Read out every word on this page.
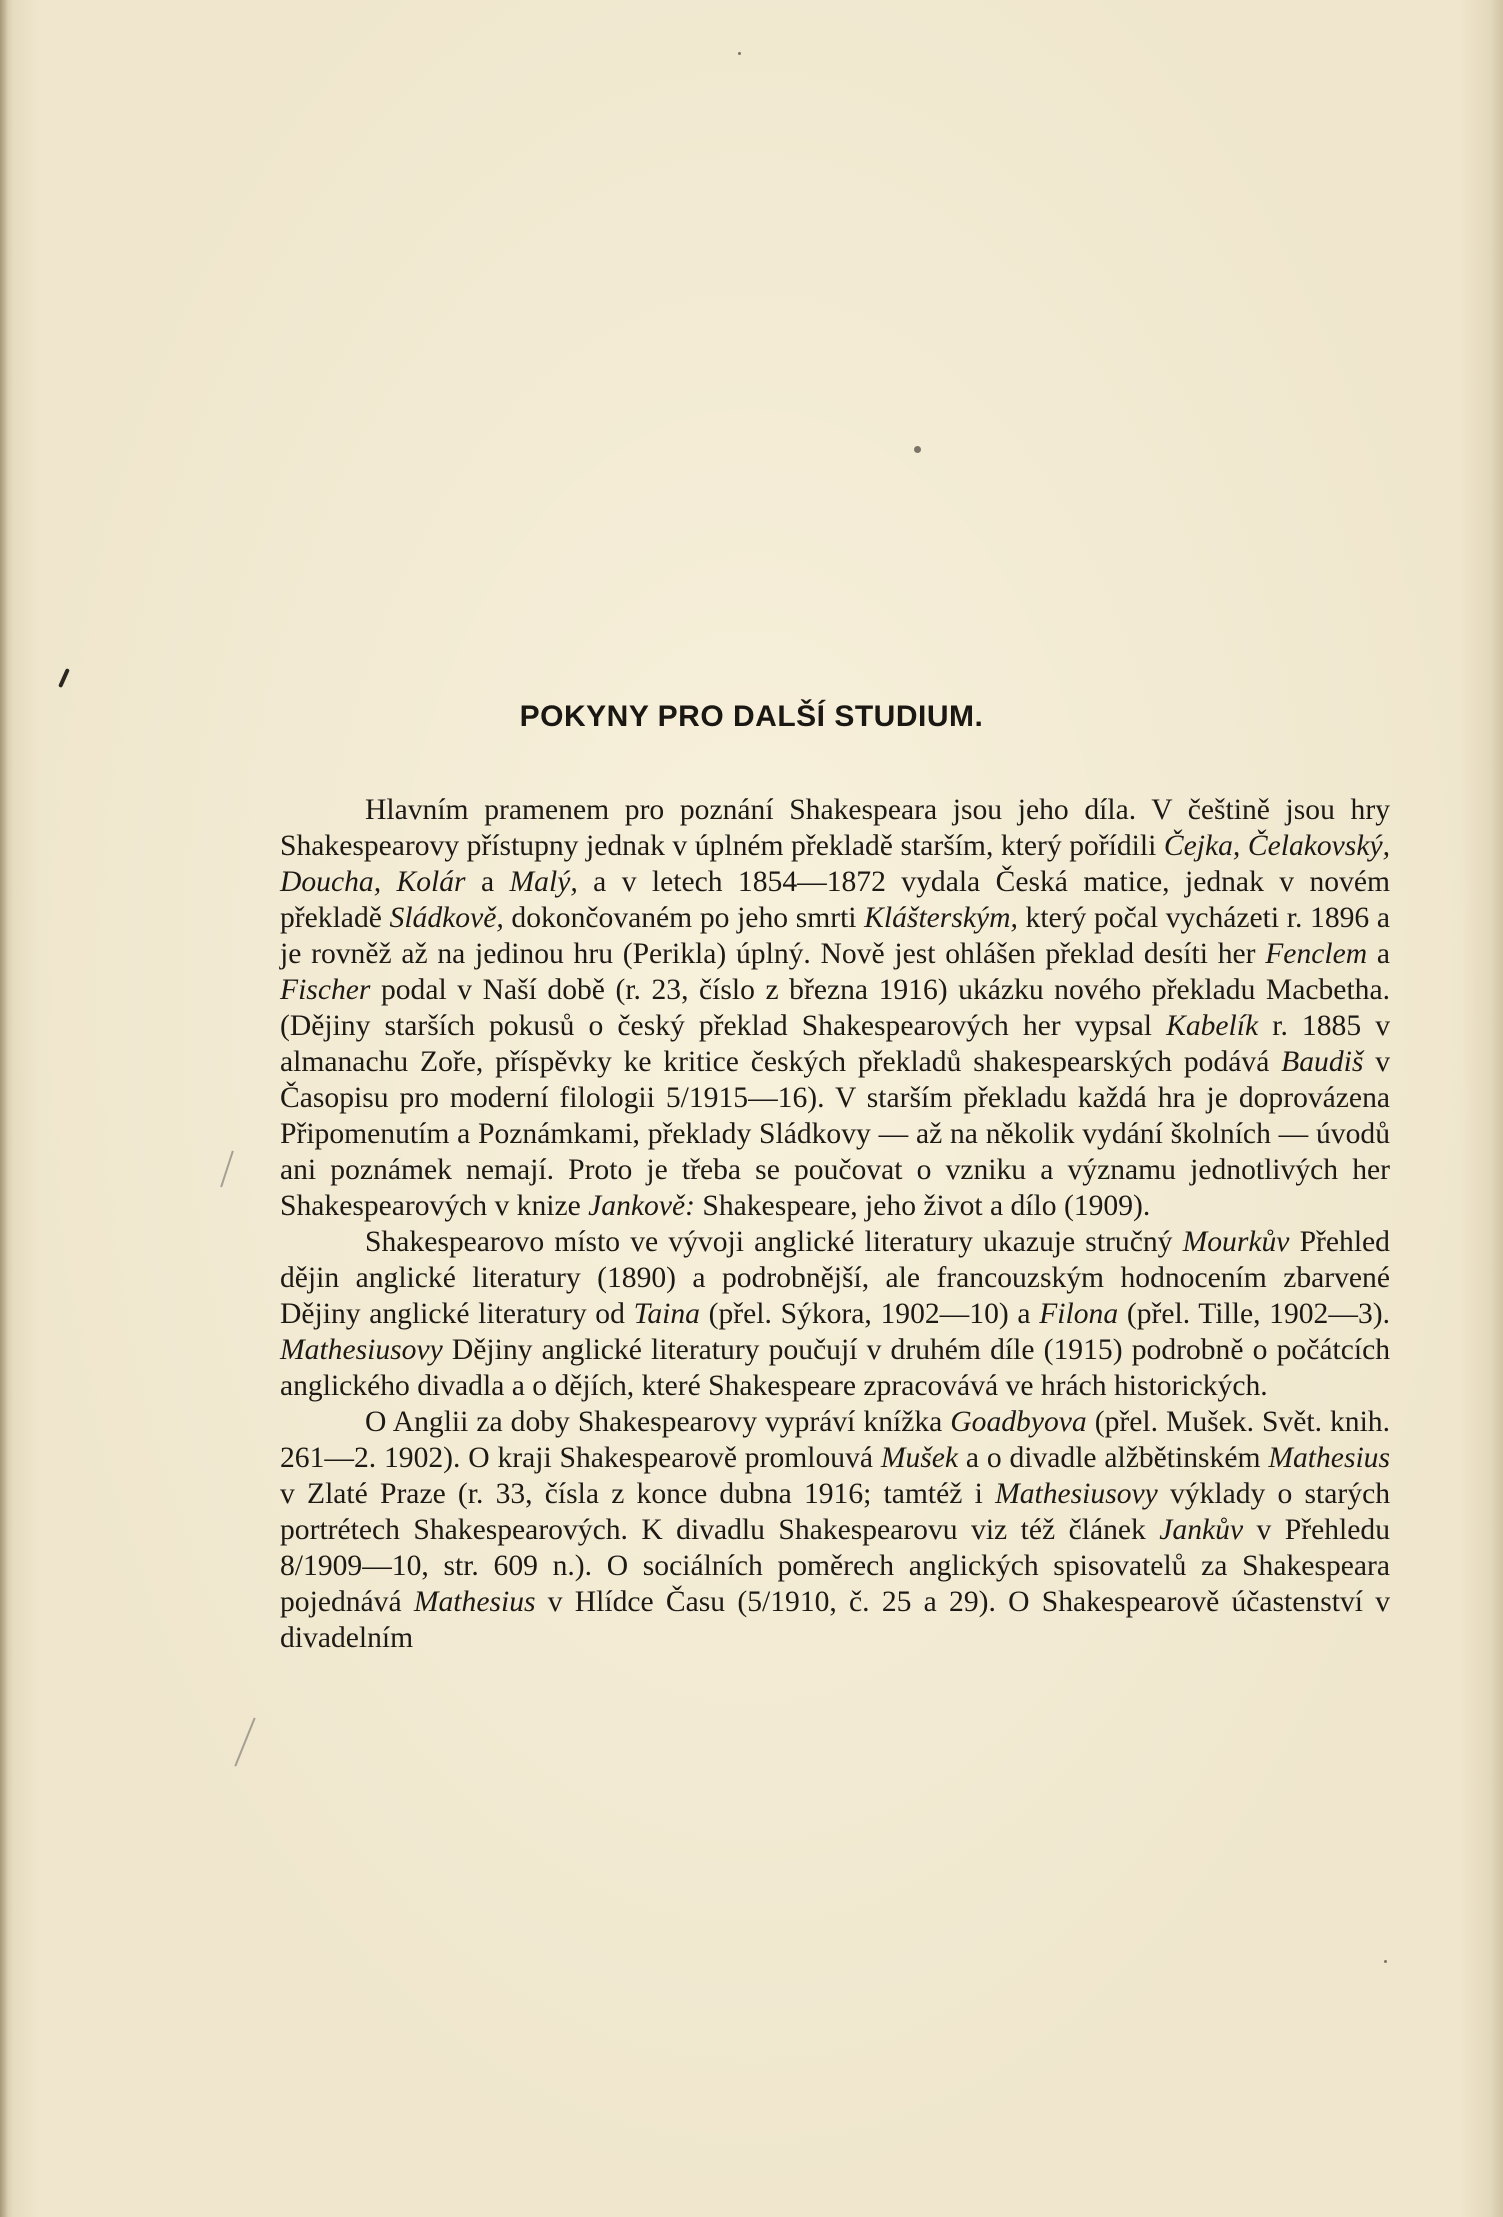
POKYNY PRO DALŠÍ STUDIUM.

Hlavním pramenem pro poznání Shakespeara jsou jeho díla. V češtině jsou hry Shakespearovy přístupny jednak v úplném překladě starším, který pořídili Čejka, Čelakovský, Doucha, Kolár a Malý, a v letech 1854—1872 vydala Česká matice, jednak v novém překladě Sládkově, dokončovaném po jeho smrti Klášterským, který počal vycházeti r. 1896 a je rovněž až na jedinou hru (Perikla) úplný. Nově jest ohlášen překlad desíti her Fenclem a Fischer podal v Naší době (r. 23, číslo z března 1916) ukázku nového překladu Macbetha. (Dějiny starších pokusů o český překlad Shakespearových her vypsal Kabelík r. 1885 v almanachu Zoře, příspěvky ke kritice českých překladů shakespearských podává Baudiš v Časopisu pro moderní filologii 5/1915—16). V starším překladu každá hra je doprovázena Připomenutím a Poznámkami, překlady Sládkovy — až na několik vydání školních — úvodů ani poznámek nemají. Proto je třeba se poučovat o vzniku a významu jednotlivých her Shakespearových v knize Jankově: Shakespeare, jeho život a dílo (1909).

Shakespearovo místo ve vývoji anglické literatury ukazuje stručný Mourkův Přehled dějin anglické literatury (1890) a podrobnější, ale francouzským hodnocením zbarvené Dějiny anglické literatury od Taina (přel. Sýkora, 1902—10) a Filona (přel. Tille, 1902—3). Mathesiusovy Dějiny anglické literatury poučují v druhém díle (1915) podrobně o počátcích anglického divadla a o dějích, které Shakespeare zpracovává ve hrách historických.

O Anglii za doby Shakespearovy vypráví knížka Goadbyova (přel. Mušek. Svět. knih. 261—2. 1902). O kraji Shakespearově promlouvá Mušek a o divadle alžbětinském Mathesius v Zlaté Praze (r. 33, čísla z konce dubna 1916; tamtéž i Mathesiusovy výklady o starých portrétech Shakespearových. K divadlu Shakespearovu viz též článek Jankův v Přehledu 8/1909—10, str. 609 n.). O sociálních poměrech anglických spisovatelů za Shakespeara pojednává Mathesius v Hlídce Času (5/1910, č. 25 a 29). O Shakespearově účastenství v divadelním
